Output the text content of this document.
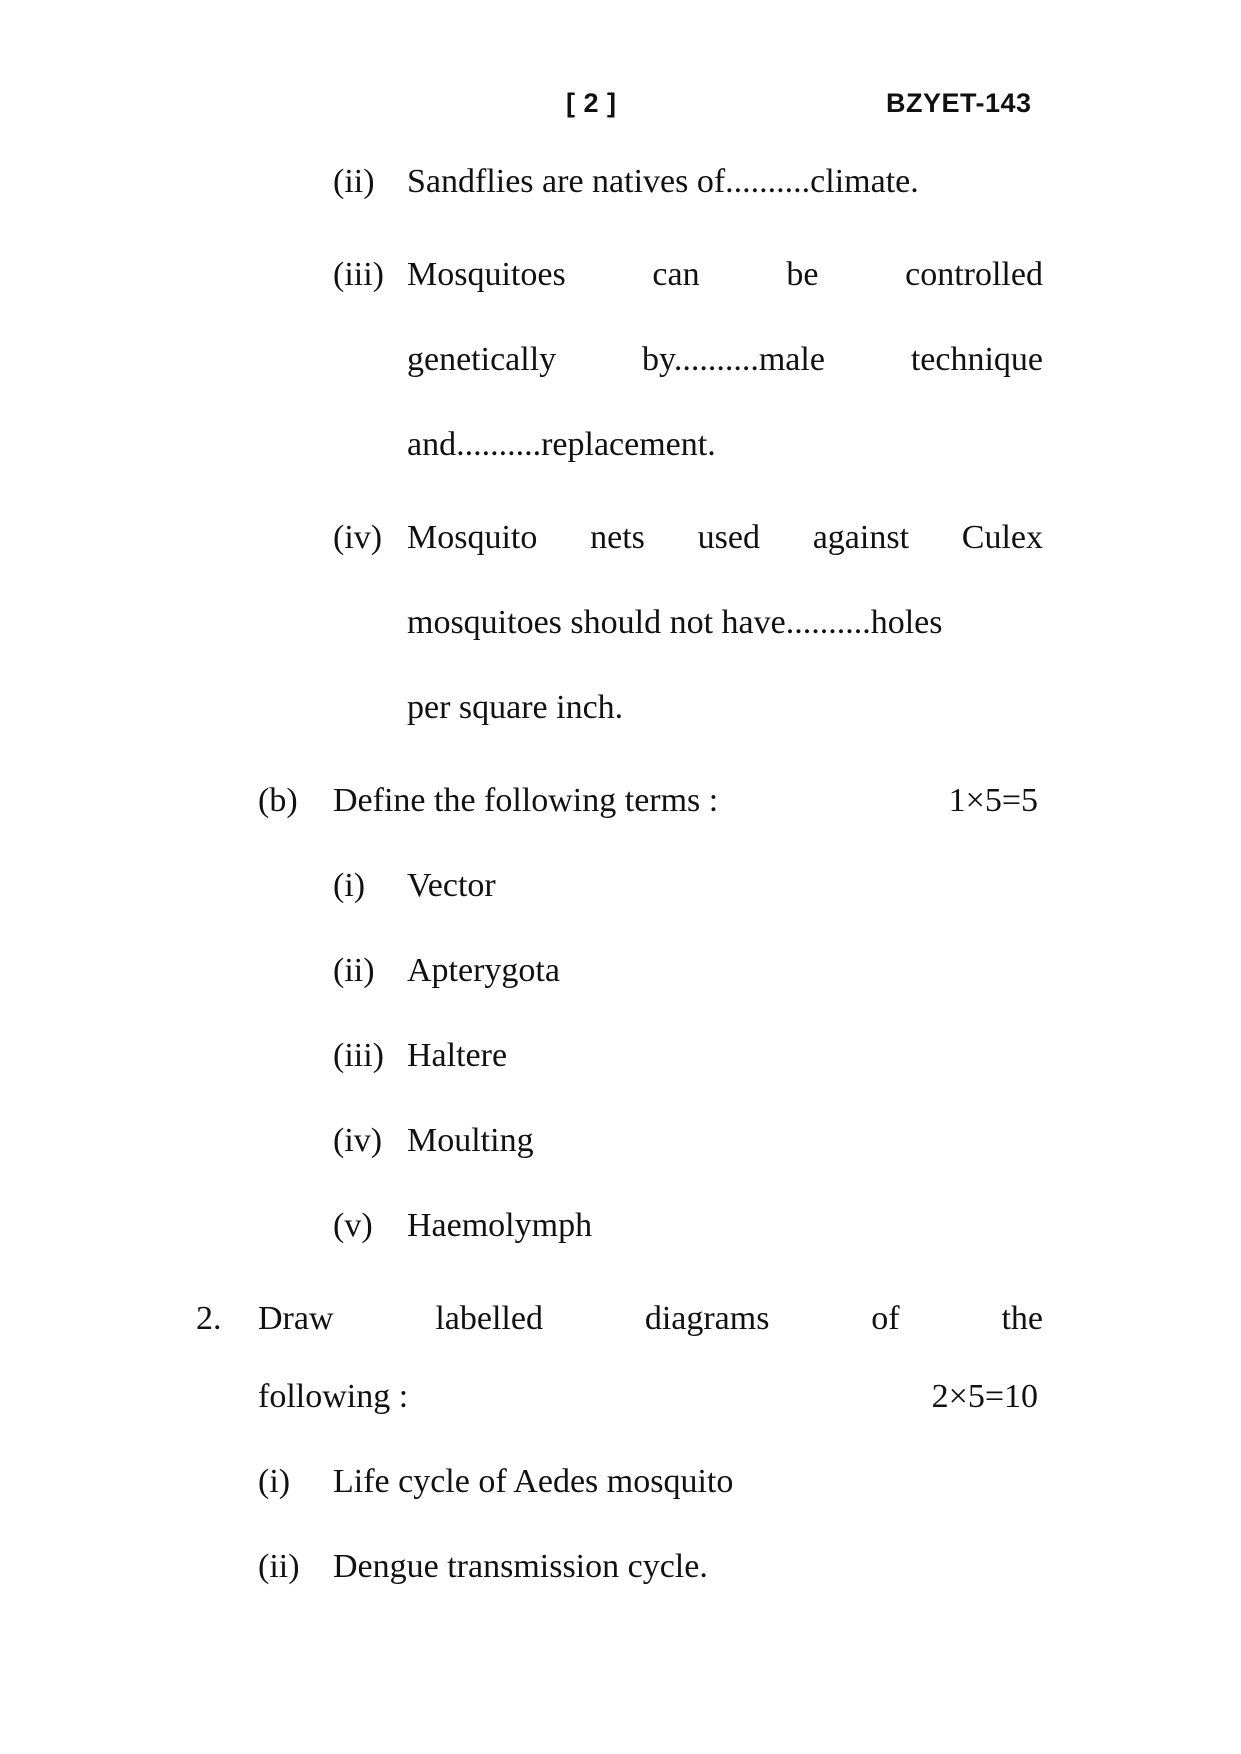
[ 2 ]	BZYET-143
(ii) Sandflies are natives of..........climate.
(iii) Mosquitoes	can	be	controlled
genetically	by..........male	technique
and..........replacement.
(iv) Mosquito nets used against Culex
mosquitoes should not have..........holes
per square inch.
(b) Define the following terms :	1×5=5
(i) Vector
(ii) Apterygota
(iii) Haltere
(iv) Moulting
(v) Haemolymph
2. Draw	labelled	diagrams	of	the
following :	2×5=10
(i) Life cycle of Aedes mosquito
(ii) Dengue transmission cycle.
